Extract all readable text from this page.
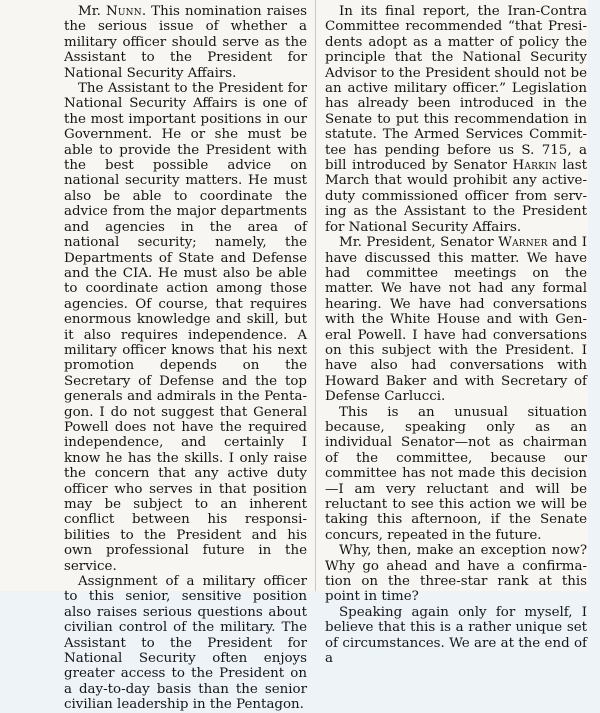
Mr. Nunn. This nomination raises the serious issue of whether a military officer should serve as the Assistant to the President for National Security Affairs.

The Assistant to the President for National Security Affairs is one of the most important positions in our Government. He or she must be able to provide the President with the best possible advice on national security matters. He must also be able to coordinate the advice from the major departments and agencies in the area of national security; namely, the Departments of State and Defense and the CIA. He must also be able to coordinate action among those agencies. Of course, that requires enormous knowledge and skill, but it also requires independence. A military officer knows that his next promotion depends on the Secretary of Defense and the top generals and admirals in the Pentagon. I do not suggest that General Powell does not have the required independence, and certainly I know he has the skills. I only raise the concern that any active duty officer who serves in that position may be subject to an inherent conflict between his responsibilities to the President and his own professional future in the service.

Assignment of a military officer to this senior, sensitive position also raises serious questions about civilian control of the military. The Assistant to the President for National Security often enjoys greater access to the President on a day-to-day basis than the senior civilian leadership in the Pentagon.

In its final report, the Iran-Contra Committee recommended “that Presidents adopt as a matter of policy the principle that the National Security Advisor to the President should not be an active military officer.” Legislation has already been introduced in the Senate to put this recommendation in statute. The Armed Services Committee has pending before us S. 715, a bill introduced by Senator Harkin last March that would prohibit any active-duty commissioned officer from serving as the Assistant to the President for National Security Affairs.

Mr. President, Senator Warner and I have discussed this matter. We have had committee meetings on the matter. We have not had any formal hearing. We have had conversations with the White House and with General Powell. I have had conversations on this subject with the President. I have also had conversations with Howard Baker and with Secretary of Defense Carlucci.

This is an unusual situation because, speaking only as an individual Senator—not as chairman of the committee, because our committee has not made this decision—I am very reluctant and will be reluctant to see this action we will be taking this afternoon, if the Senate concurs, repeated in the future.

Why, then, make an exception now? Why go ahead and have a confirmation on the three-star rank at this point in time?

Speaking again only for myself, I believe that this is a rather unique set of circumstances. We are at the end of a
